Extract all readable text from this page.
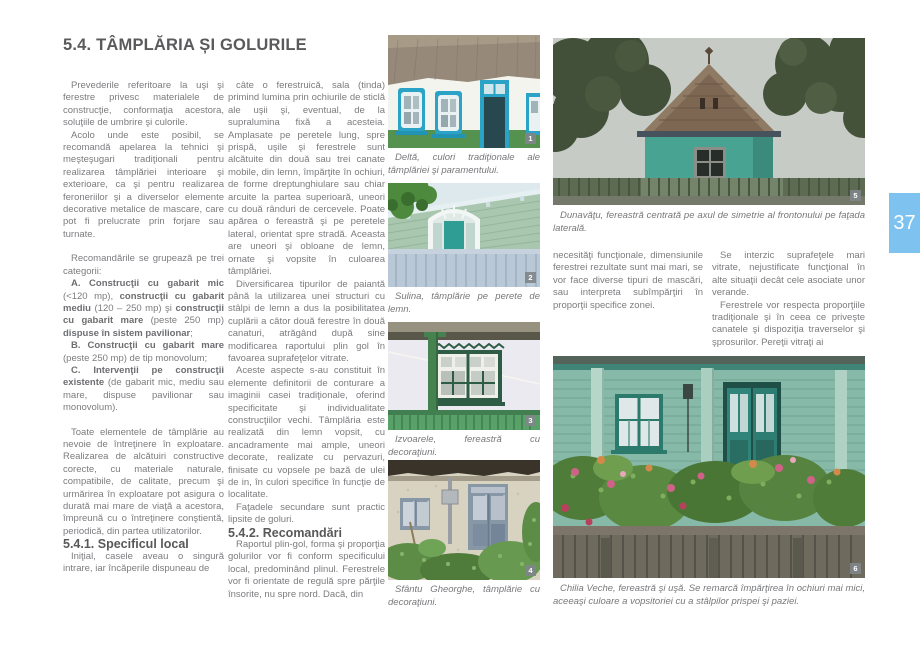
5.4. TÂMPLĂRIA ȘI GOLURILE

Prevederile referitoare la uşi şi ferestre privesc materialele de construcţie, conformaţia acestora, soluţiile de umbrire şi culorile.

Acolo unde este posibil, se recomandă apelarea la tehnici şi meşteşugari tradiţionali pentru realizarea tâmplăriei interioare şi exterioare, ca şi pentru realizarea feroneriilor şi a diverselor elemente decorative metalice de mascare, care pot fi prelucrate prin forjare sau turnate.

Recomandările se grupează pe trei categorii:

A. Construcţii cu gabarit mic (<120 mp), construcţii cu gabarit mediu (120 – 250 mp) şi construcţii cu gabarit mare (peste 250 mp) dispuse în sistem pavilionar;

B. Construcţii cu gabarit mare (peste 250 mp) de tip monovolum;

C. Intervenţii pe construcţii existente (de gabarit mic, mediu sau mare, dispuse pavilionar sau monovolum).

Toate elementele de tâmplărie au nevoie de întreţinere în exploatare. Realizarea de alcătuiri constructive corecte, cu materiale naturale, compatibile, de calitate, precum şi urmărirea în exploatare pot asigura o durată mai mare de viaţă a acestora, împreună cu o întreţinere conştientă, periodică, din partea utilizatorilor.

5.4.1. Specificul local

Iniţial, casele aveau o singură intrare, iar încăperile dispuneau de

câte o ferestruică, sala (tinda) primind lumina prin ochiurile de sticlă ale uşii şi, eventual, de la supralumina fixă a acesteia. Amplasate pe peretele lung, spre prispă, uşile şi ferestrele sunt alcătuite din două sau trei canate mobile, din lemn, împărţite în ochiuri, de forme dreptunghiulare sau chiar arcuite la partea superioară, uneori cu două rânduri de cercevele. Poate apărea o fereastră şi pe peretele lateral, orientat spre stradă. Aceasta are uneori şi obloane de lemn, ornate şi vopsite în culoarea tâmplăriei.

Diversificarea tipurilor de paiantă până la utilizarea unei structuri cu stâlpi de lemn a dus la posibilitatea cuplării a câtor două ferestre în două canaturi, atrăgând după sine modificarea raportului plin gol în favoarea suprafeţelor vitrate.

Aceste aspecte s-au constituit în elemente definitorii de conturare a imaginii casei tradiţionale, oferind specificitate şi individualitate construcţiilor vechi. Tâmplăria este realizată din lemn vopsit, cu ancadramente mai ample, uneori decorate, realizate cu pervazuri, finisate cu vopsele pe bază de ulei de in, în culori specifice în funcţie de localitate.

Faţadele secundare sunt practic lipsite de goluri.

5.4.2. Recomandări

Raportul plin-gol, forma şi proporţia golurilor vor fi conform specificului local, predominând plinul. Ferestrele vor fi orientate de regulă spre părţile însorite, nu spre nord. Dacă, din

1
Deltă, culori tradiţionale ale tâmplăriei şi paramentului.
2
Sulina, tâmplărie pe perete de lemn.
3
Izvoarele, fereastră cu decoraţiuni.
4
Sfântu Gheorghe, tâmplărie cu decoraţiuni.
5
Dunavăţu, fereastră centrată pe axul de simetrie al frontonului pe faţada laterală.

necesităţi funcţionale, dimensiunile ferestrei rezultate sunt mai mari, se vor face diverse tipuri de mascări, sau interpreta subîmpărţiri în proporţii specifice zonei.

Se interzic suprafeţele mari vitrate, nejustificate funcţional în alte situaţii decât cele asociate unor verande.

Ferestrele vor respecta proporţiile tradiţionale şi în ceea ce priveşte canatele şi dispoziţia traverselor şi şprosurilor. Pereţii vitraţi ai

6
Chilia Veche, fereastră şi uşă. Se remarcă împărţirea în ochiuri mai mici, aceeaşi culoare a vopsitoriei cu a stâlpilor prispei şi paziei.
37
